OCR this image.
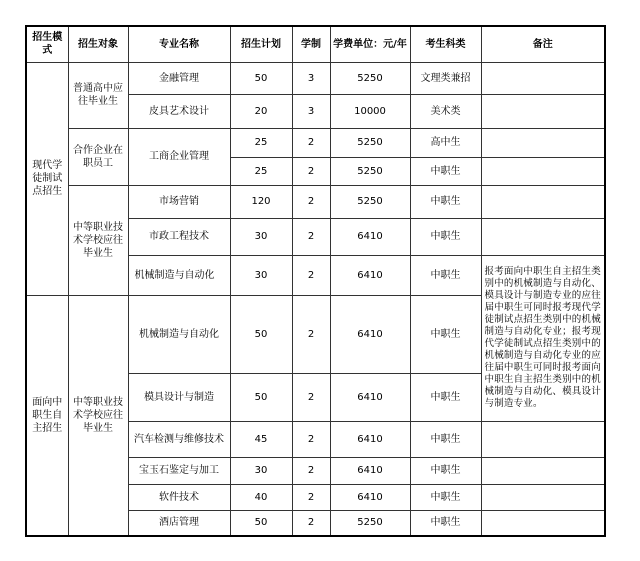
招生模式	招生对象	专业名称	招生计划	学制	学费单位：元/年	考生科类	备注
现代学徒制试点招生	普通高中应往毕业生	金融管理	50	3	5250	文理类兼招	
		皮具艺术设计	20	3	10000	美术类	
	合作企业在职员工	工商企业管理	25	2	5250	高中生	
			25	2	5250	中职生	
	中等职业技术学校应往毕业生	市场营销	120	2	5250	中职生	
		市政工程技术	30	2	6410	中职生	
		机械制造与自动化	30	2	6410	中职生	报考面向中职生自主招生类别中的机械制造与自动化、模具设计与制造专业的应往届中职生可同时报考现代学徒制试点招生类别中的机械制造与自动化专业；报考现代学徒制试点招生类别中的机械制造与自动化专业的应往届中职生可同时报考面向中职生自主招生类别中的机械制造与自动化、模具设计与制造专业。
面向中职生自主招生	中等职业技术学校应往毕业生	机械制造与自动化	50	2	6410	中职生	
		模具设计与制造	50	2	6410	中职生	
		汽车检测与维修技术	45	2	6410	中职生	
		宝玉石鉴定与加工	30	2	6410	中职生	
		软件技术	40	2	6410	中职生	
		酒店管理	50	2	5250	中职生	
